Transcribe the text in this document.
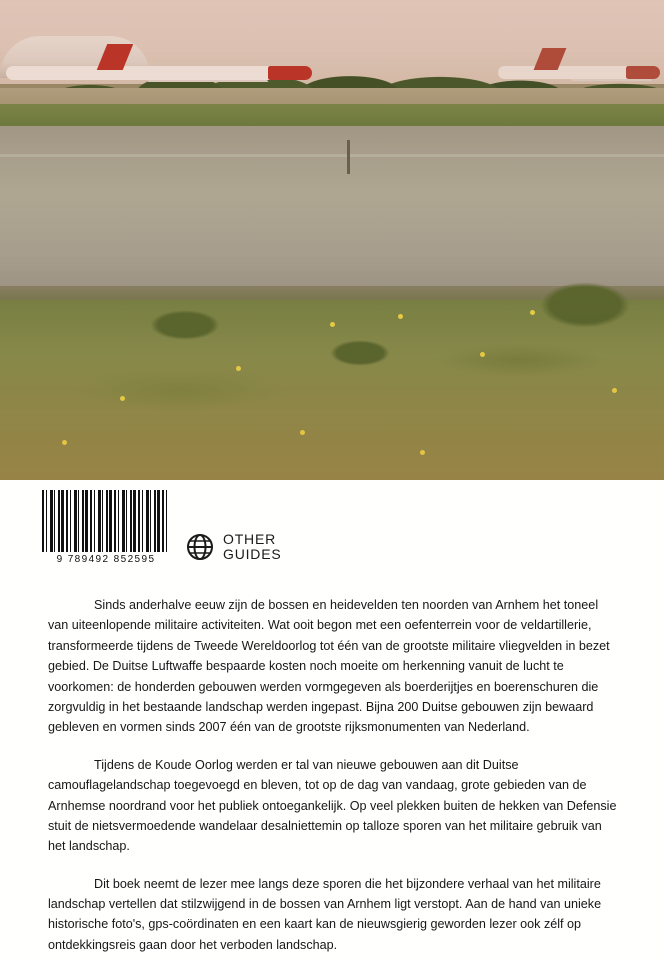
9 789492 852595
OTHER
GUIDES

Sinds anderhalve eeuw zijn de bossen en heidevelden ten noorden van Arnhem het toneel van uiteenlopende militaire activiteiten. Wat ooit begon met een oefenterrein voor de veldartillerie, transformeerde tijdens de Tweede Wereldoorlog tot één van de grootste militaire vliegvelden in bezet gebied. De Duitse Luftwaffe bespaarde kosten noch moeite om herkenning vanuit de lucht te voorkomen: de honderden gebouwen werden vormgegeven als boerderijtjes en boerenschuren die zorgvuldig in het bestaande landschap werden ingepast. Bijna 200 Duitse gebouwen zijn bewaard gebleven en vormen sinds 2007 één van de grootste rijksmonumenten van Nederland.

Tijdens de Koude Oorlog werden er tal van nieuwe gebouwen aan dit Duitse camouflagelandschap toegevoegd en bleven, tot op de dag van vandaag, grote gebieden van de Arnhemse noordrand voor het publiek ontoegankelijk. Op veel plekken buiten de hekken van Defensie stuit de nietsvermoedende wandelaar desalniettemin op talloze sporen van het militaire gebruik van het landschap.

Dit boek neemt de lezer mee langs deze sporen die het bijzondere verhaal van het militaire landschap vertellen dat stilzwijgend in de bossen van Arnhem ligt verstopt. Aan de hand van unieke historische foto's, gps-coördinaten en een kaart kan de nieuwsgierig geworden lezer ook zélf op ontdekkingsreis gaan door het verboden landschap.
